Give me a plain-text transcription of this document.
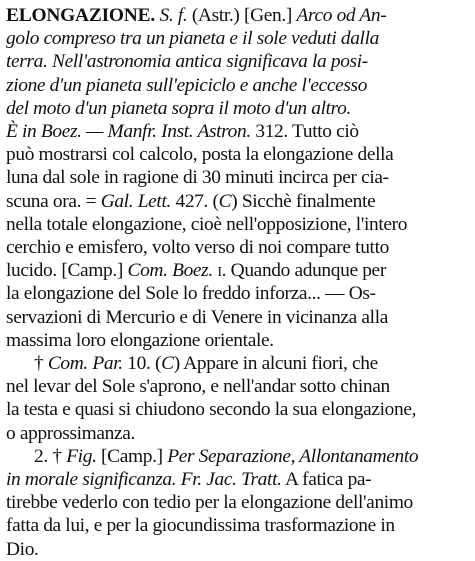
ELONGAZIONE. S. f. (Astr.) [Gen.] Arco od An-
golo compreso tra un pianeta e il sole veduti dalla
terra. Nell'astronomia antica significava la posi-
zione d'un pianeta sull'epiciclo e anche l'eccesso
del moto d'un pianeta sopra il moto d'un altro.
È in Boez. — Manfr. Inst. Astron. 312. Tutto ciò
può mostrarsi col calcolo, posta la elongazione della
luna dal sole in ragione di 30 minuti incirca per cia-
scuna ora. = Gal. Lett. 427. (C) Sicchè finalmente
nella totale elongazione, cioè nell'opposizione, l'intero
cerchio e emisfero, volto verso di noi compare tutto
lucido. [Camp.] Com. Boez. i. Quando adunque per
la elongazione del Sole lo freddo inforza... — Os-
servazioni di Mercurio e di Venere in vicinanza alla
massima loro elongazione orientale.
† Com. Par. 10. (C) Appare in alcuni fiori, che
nel levar del Sole s'aprono, e nell'andar sotto chinan
la testa e quasi si chiudono secondo la sua elongazione,
o approssimanza.
2. † Fig. [Camp.] Per Separazione, Allontanamento
in morale significanza. Fr. Jac. Tratt. A fatica pa-
tirebbe vederlo con tedio per la elongazione dell'animo
fatta da lui, e per la giocundissima trasformazione in
Dio.
